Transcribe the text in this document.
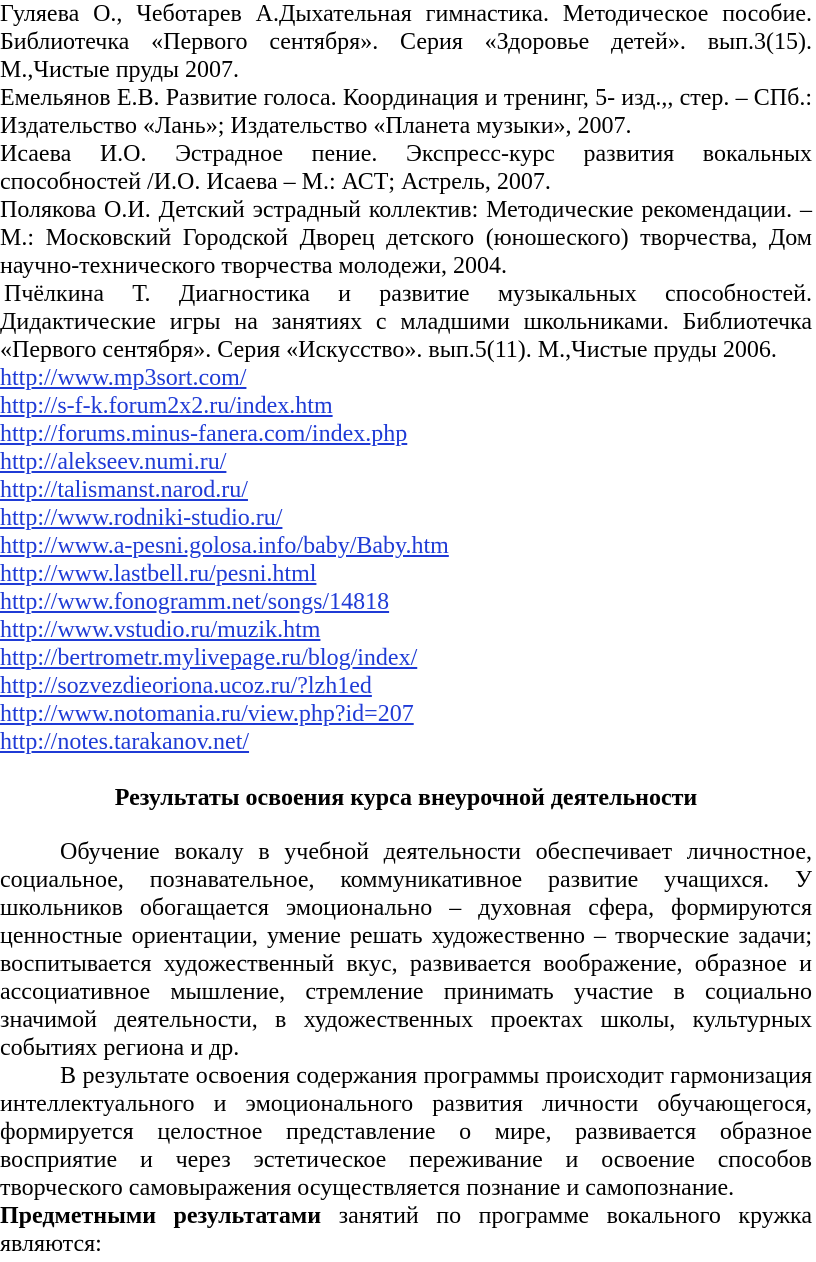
Гуляева О., Чеботарев А.Дыхательная гимнастика. Методическое пособие. Библиотечка «Первого сентября». Серия «Здоровье детей». вып.3(15). М.,Чистые пруды 2007.

Емельянов Е.В. Развитие голоса. Координация и тренинг, 5- изд.,, стер. – СПб.: Издательство «Лань»; Издательство «Планета музыки», 2007.

Исаева И.О. Эстрадное пение. Экспресс-курс развития вокальных способностей /И.О. Исаева – М.: АСТ; Астрель, 2007.

Полякова О.И. Детский эстрадный коллектив: Методические рекомендации. – М.: Московский Городской Дворец детского (юношеского) творчества, Дом научно-технического творчества молодежи, 2004.

Пчёлкина Т. Диагностика и развитие музыкальных способностей. Дидактические игры на занятиях с младшими школьниками. Библиотечка «Первого сентября». Серия «Искусство». вып.5(11). М.,Чистые пруды 2006.

http://www.mp3sort.com/
http://s-f-k.forum2x2.ru/index.htm
http://forums.minus-fanera.com/index.php
http://alekseev.numi.ru/
http://talismanst.narod.ru/
http://www.rodniki-studio.ru/
http://www.a-pesni.golosa.info/baby/Baby.htm
http://www.lastbell.ru/pesni.html
http://www.fonogramm.net/songs/14818
http://www.vstudio.ru/muzik.htm
http://bertrometr.mylivepage.ru/blog/index/
http://sozvezdieoriona.ucoz.ru/?lzh1ed
http://www.notomania.ru/view.php?id=207
http://notes.tarakanov.net/
Результаты освоения курса внеурочной деятельности

Обучение вокалу в учебной деятельности обеспечивает личностное, социальное, познавательное, коммуникативное развитие учащихся. У школьников обогащается эмоционально – духовная сфера, формируются ценностные ориентации, умение решать художественно – творческие задачи; воспитывается художественный вкус, развивается воображение, образное и ассоциативное мышление, стремление принимать участие в социально значимой деятельности, в художественных проектах школы, культурных событиях региона и др.

В результате освоения содержания программы происходит гармонизация интеллектуального и эмоционального развития личности обучающегося, формируется целостное представление о мире, развивается образное восприятие и через эстетическое переживание и освоение способов творческого самовыражения осуществляется познание и самопознание.

Предметными результатами занятий по программе вокального кружка являются:
